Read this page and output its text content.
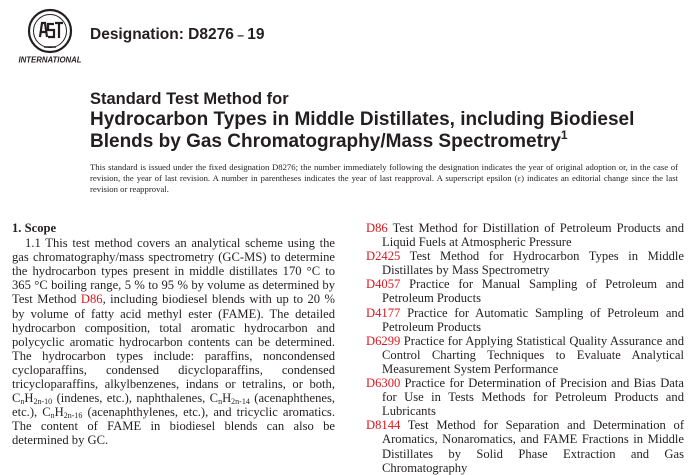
INTERNATIONAL
Designation: D8276 – 19
Standard Test Method for
Hydrocarbon Types in Middle Distillates, including Biodiesel
Blends by Gas Chromatography/Mass Spectrometry$^1$
This standard is issued under the fixed designation D8276; the number immediately following the designation indicates the year of original adoption or, in the case of revision, the year of last revision. A number in parentheses indicates the year of last reapproval. A superscript epsilon (ε) indicates an editorial change since the last revision or reapproval.
1. Scope

1.1 This test method covers an analytical scheme using the gas chromatography/mass spectrometry (GC-MS) to determine the hydrocarbon types present in middle distillates 170 °C to 365 °C boiling range, 5 % to 95 % by volume as determined by Test Method D86, including biodiesel blends with up to 20 % by volume of fatty acid methyl ester (FAME). The detailed hydrocarbon composition, total aromatic hydrocarbon and polycyclic aromatic hydrocarbon contents can be determined. The hydrocarbon types include: paraffins, noncondensed cycloparaffins, condensed dicycloparaffins, condensed tricycloparaffins, alkylbenzenes, indans or tetralins, or both, $C_nH_{2n-10}$ (indenes, etc.), naphthalenes, $C_nH_{2n-14}$ (acenaphthenes, etc.), $C_nH_{2n-16}$ (acenaphthylenes, etc.), and tricyclic aromatics. The content of FAME in biodiesel blends can also be determined by GC.

D86 Test Method for Distillation of Petroleum Products and Liquid Fuels at Atmospheric Pressure

D2425 Test Method for Hydrocarbon Types in Middle Distillates by Mass Spectrometry

D4057 Practice for Manual Sampling of Petroleum and Petroleum Products

D4177 Practice for Automatic Sampling of Petroleum and Petroleum Products

D6299 Practice for Applying Statistical Quality Assurance and Control Charting Techniques to Evaluate Analytical Measurement System Performance

D6300 Practice for Determination of Precision and Bias Data for Use in Tests Methods for Petroleum Products and Lubricants

D8144 Test Method for Separation and Determination of Aromatics, Nonaromatics, and FAME Fractions in Middle Distillates by Solid Phase Extraction and Gas Chromatography
